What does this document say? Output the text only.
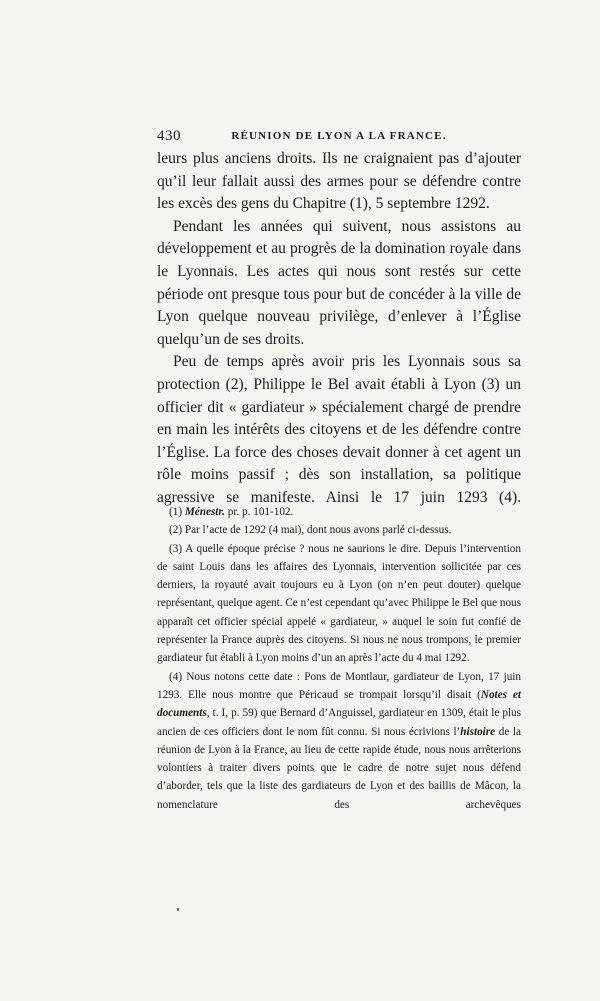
430	RÉUNION DE LYON A LA FRANCE.

leurs plus anciens droits. Ils ne craignaient pas d’ajouter qu’il leur fallait aussi des armes pour se défendre contre les excès des gens du Chapitre (1), 5 septembre 1292.

Pendant les années qui suivent, nous assistons au développement et au progrès de la domination royale dans le Lyonnais. Les actes qui nous sont restés sur cette période ont presque tous pour but de concéder à la ville de Lyon quelque nouveau privilège, d’enlever à l’Église quelqu’un de ses droits.

Peu de temps après avoir pris les Lyonnais sous sa protection (2), Philippe le Bel avait établi à Lyon (3) un officier dit « gardiateur » spécialement chargé de prendre en main les intérêts des citoyens et de les défendre contre l’Église. La force des choses devait donner à cet agent un rôle moins passif ; dès son installation, sa politique agressive se manifeste. Ainsi le 17 juin 1293 (4).

(1) Ménestr. pr. p. 101-102.

(2) Par l’acte de 1292 (4 mai), dont nous avons parlé ci-dessus.

(3) A quelle époque précise ? nous ne saurions le dire. Depuis l’intervention de saint Louis dans les affaires des Lyonnais, intervention sollicitée par ces derniers, la royauté avait toujours eu à Lyon (on n’en peut douter) quelque représentant, quelque agent. Ce n’est cependant qu’avec Philippe le Bel que nous apparaît cet officier spécial appelé « gardiateur, » auquel le soin fut confié de représenter la France auprès des citoyens. Si nous ne nous trompons, le premier gardiateur fut établi à Lyon moins d’un an après l’acte du 4 mai 1292.

(4) Nous notons cette date : Pons de Montlaur, gardiateur de Lyon, 17 juin 1293. Elle nous montre que Péricaud se trompait lorsqu’il disait (Notes et documents, t. I, p. 59) que Bernard d’Anguissel, gardiateur en 1309, était le plus ancien de ces officiers dont le nom fût connu. Si nous écrivions l’histoire de la réunion de Lyon à la France, au lieu de cette rapide étude, nous nous arrêterions volontiers à traiter divers points que le cadre de notre sujet nous défend d’aborder, tels que la liste des gardiateurs de Lyon et des baillis de Mâcon, la nomenclature des archevêques
